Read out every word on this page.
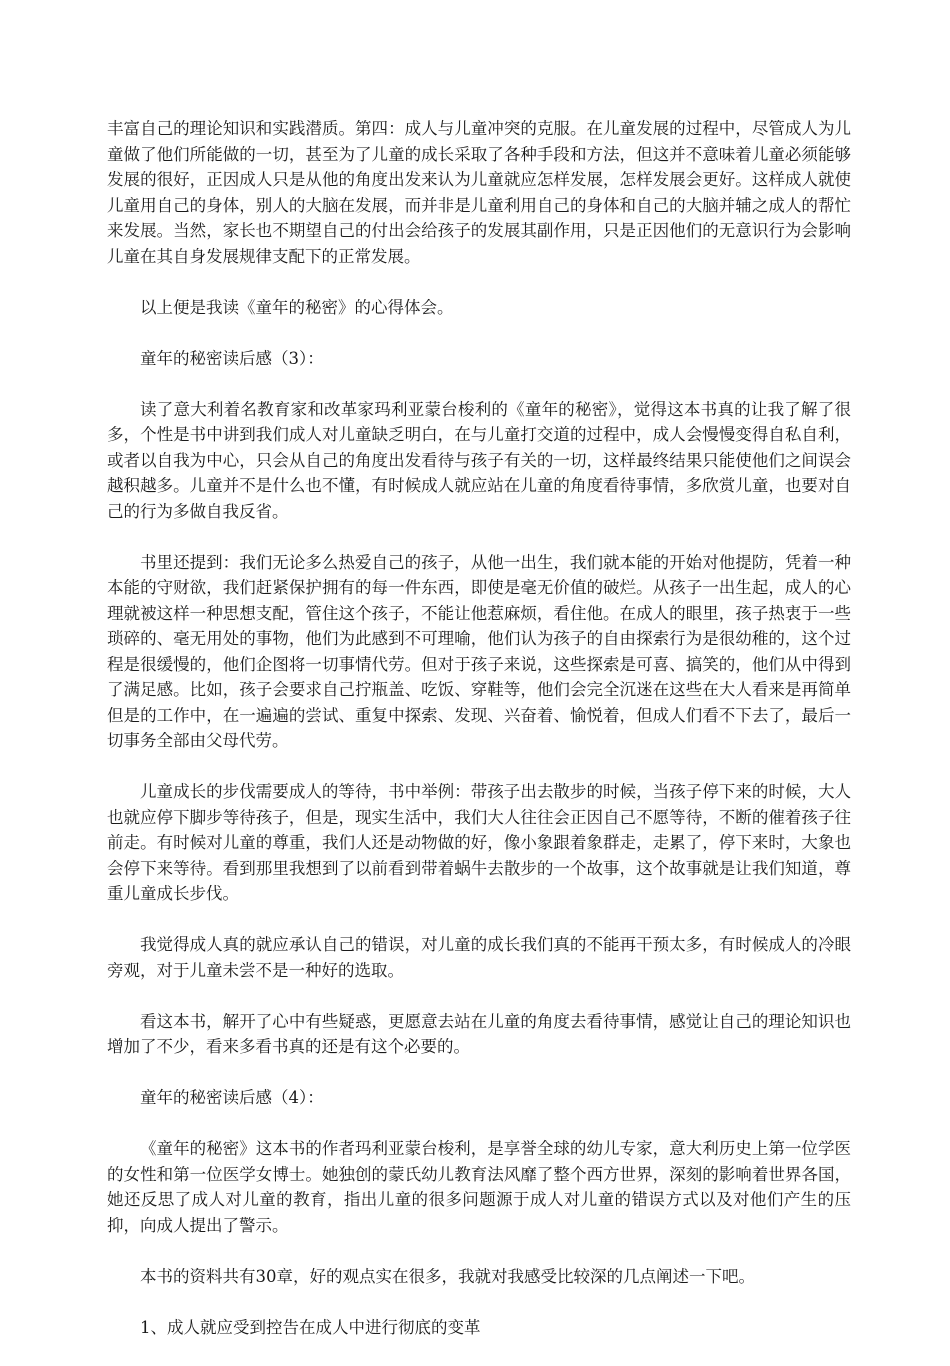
丰富自己的理论知识和实践潜质。第四：成人与儿童冲突的克服。在儿童发展的过程中，尽管成人为儿童做了他们所能做的一切，甚至为了儿童的成长采取了各种手段和方法，但这并不意味着儿童必须能够发展的很好，正因成人只是从他的角度出发来认为儿童就应怎样发展，怎样发展会更好。这样成人就使儿童用自己的身体，别人的大脑在发展，而并非是儿童利用自己的身体和自己的大脑并辅之成人的帮忙来发展。当然，家长也不期望自己的付出会给孩子的发展其副作用，只是正因他们的无意识行为会影响儿童在其自身发展规律支配下的正常发展。

以上便是我读《童年的秘密》的心得体会。

童年的秘密读后感（3）：

读了意大利着名教育家和改革家玛利亚蒙台梭利的《童年的秘密》，觉得这本书真的让我了解了很多，个性是书中讲到我们成人对儿童缺乏明白，在与儿童打交道的过程中，成人会慢慢变得自私自利，或者以自我为中心，只会从自己的角度出发看待与孩子有关的一切，这样最终结果只能使他们之间误会越积越多。儿童并不是什么也不懂，有时候成人就应站在儿童的角度看待事情，多欣赏儿童，也要对自己的行为多做自我反省。

书里还提到：我们无论多么热爱自己的孩子，从他一出生，我们就本能的开始对他提防，凭着一种本能的守财欲，我们赶紧保护拥有的每一件东西，即使是毫无价值的破烂。从孩子一出生起，成人的心理就被这样一种思想支配，管住这个孩子，不能让他惹麻烦，看住他。在成人的眼里，孩子热衷于一些琐碎的、毫无用处的事物，他们为此感到不可理喻，他们认为孩子的自由探索行为是很幼稚的，这个过程是很缓慢的，他们企图将一切事情代劳。但对于孩子来说，这些探索是可喜、搞笑的，他们从中得到了满足感。比如，孩子会要求自己拧瓶盖、吃饭、穿鞋等，他们会完全沉迷在这些在大人看来是再简单但是的工作中，在一遍遍的尝试、重复中探索、发现、兴奋着、愉悦着，但成人们看不下去了，最后一切事务全部由父母代劳。

儿童成长的步伐需要成人的等待，书中举例：带孩子出去散步的时候，当孩子停下来的时候，大人也就应停下脚步等待孩子，但是，现实生活中，我们大人往往会正因自己不愿等待，不断的催着孩子往前走。有时候对儿童的尊重，我们人还是动物做的好，像小象跟着象群走，走累了，停下来时，大象也会停下来等待。看到那里我想到了以前看到带着蜗牛去散步的一个故事，这个故事就是让我们知道，尊重儿童成长步伐。

我觉得成人真的就应承认自己的错误，对儿童的成长我们真的不能再干预太多，有时候成人的冷眼旁观，对于儿童未尝不是一种好的选取。

看这本书，解开了心中有些疑惑，更愿意去站在儿童的角度去看待事情，感觉让自己的理论知识也增加了不少，看来多看书真的还是有这个必要的。

童年的秘密读后感（4）：

《童年的秘密》这本书的作者玛利亚蒙台梭利，是享誉全球的幼儿专家，意大利历史上第一位学医的女性和第一位医学女博士。她独创的蒙氏幼儿教育法风靡了整个西方世界，深刻的影响着世界各国，她还反思了成人对儿童的教育，指出儿童的很多问题源于成人对儿童的错误方式以及对他们产生的压抑，向成人提出了警示。

本书的资料共有30章，好的观点实在很多，我就对我感受比较深的几点阐述一下吧。

1、成人就应受到控告在成人中进行彻底的变革
